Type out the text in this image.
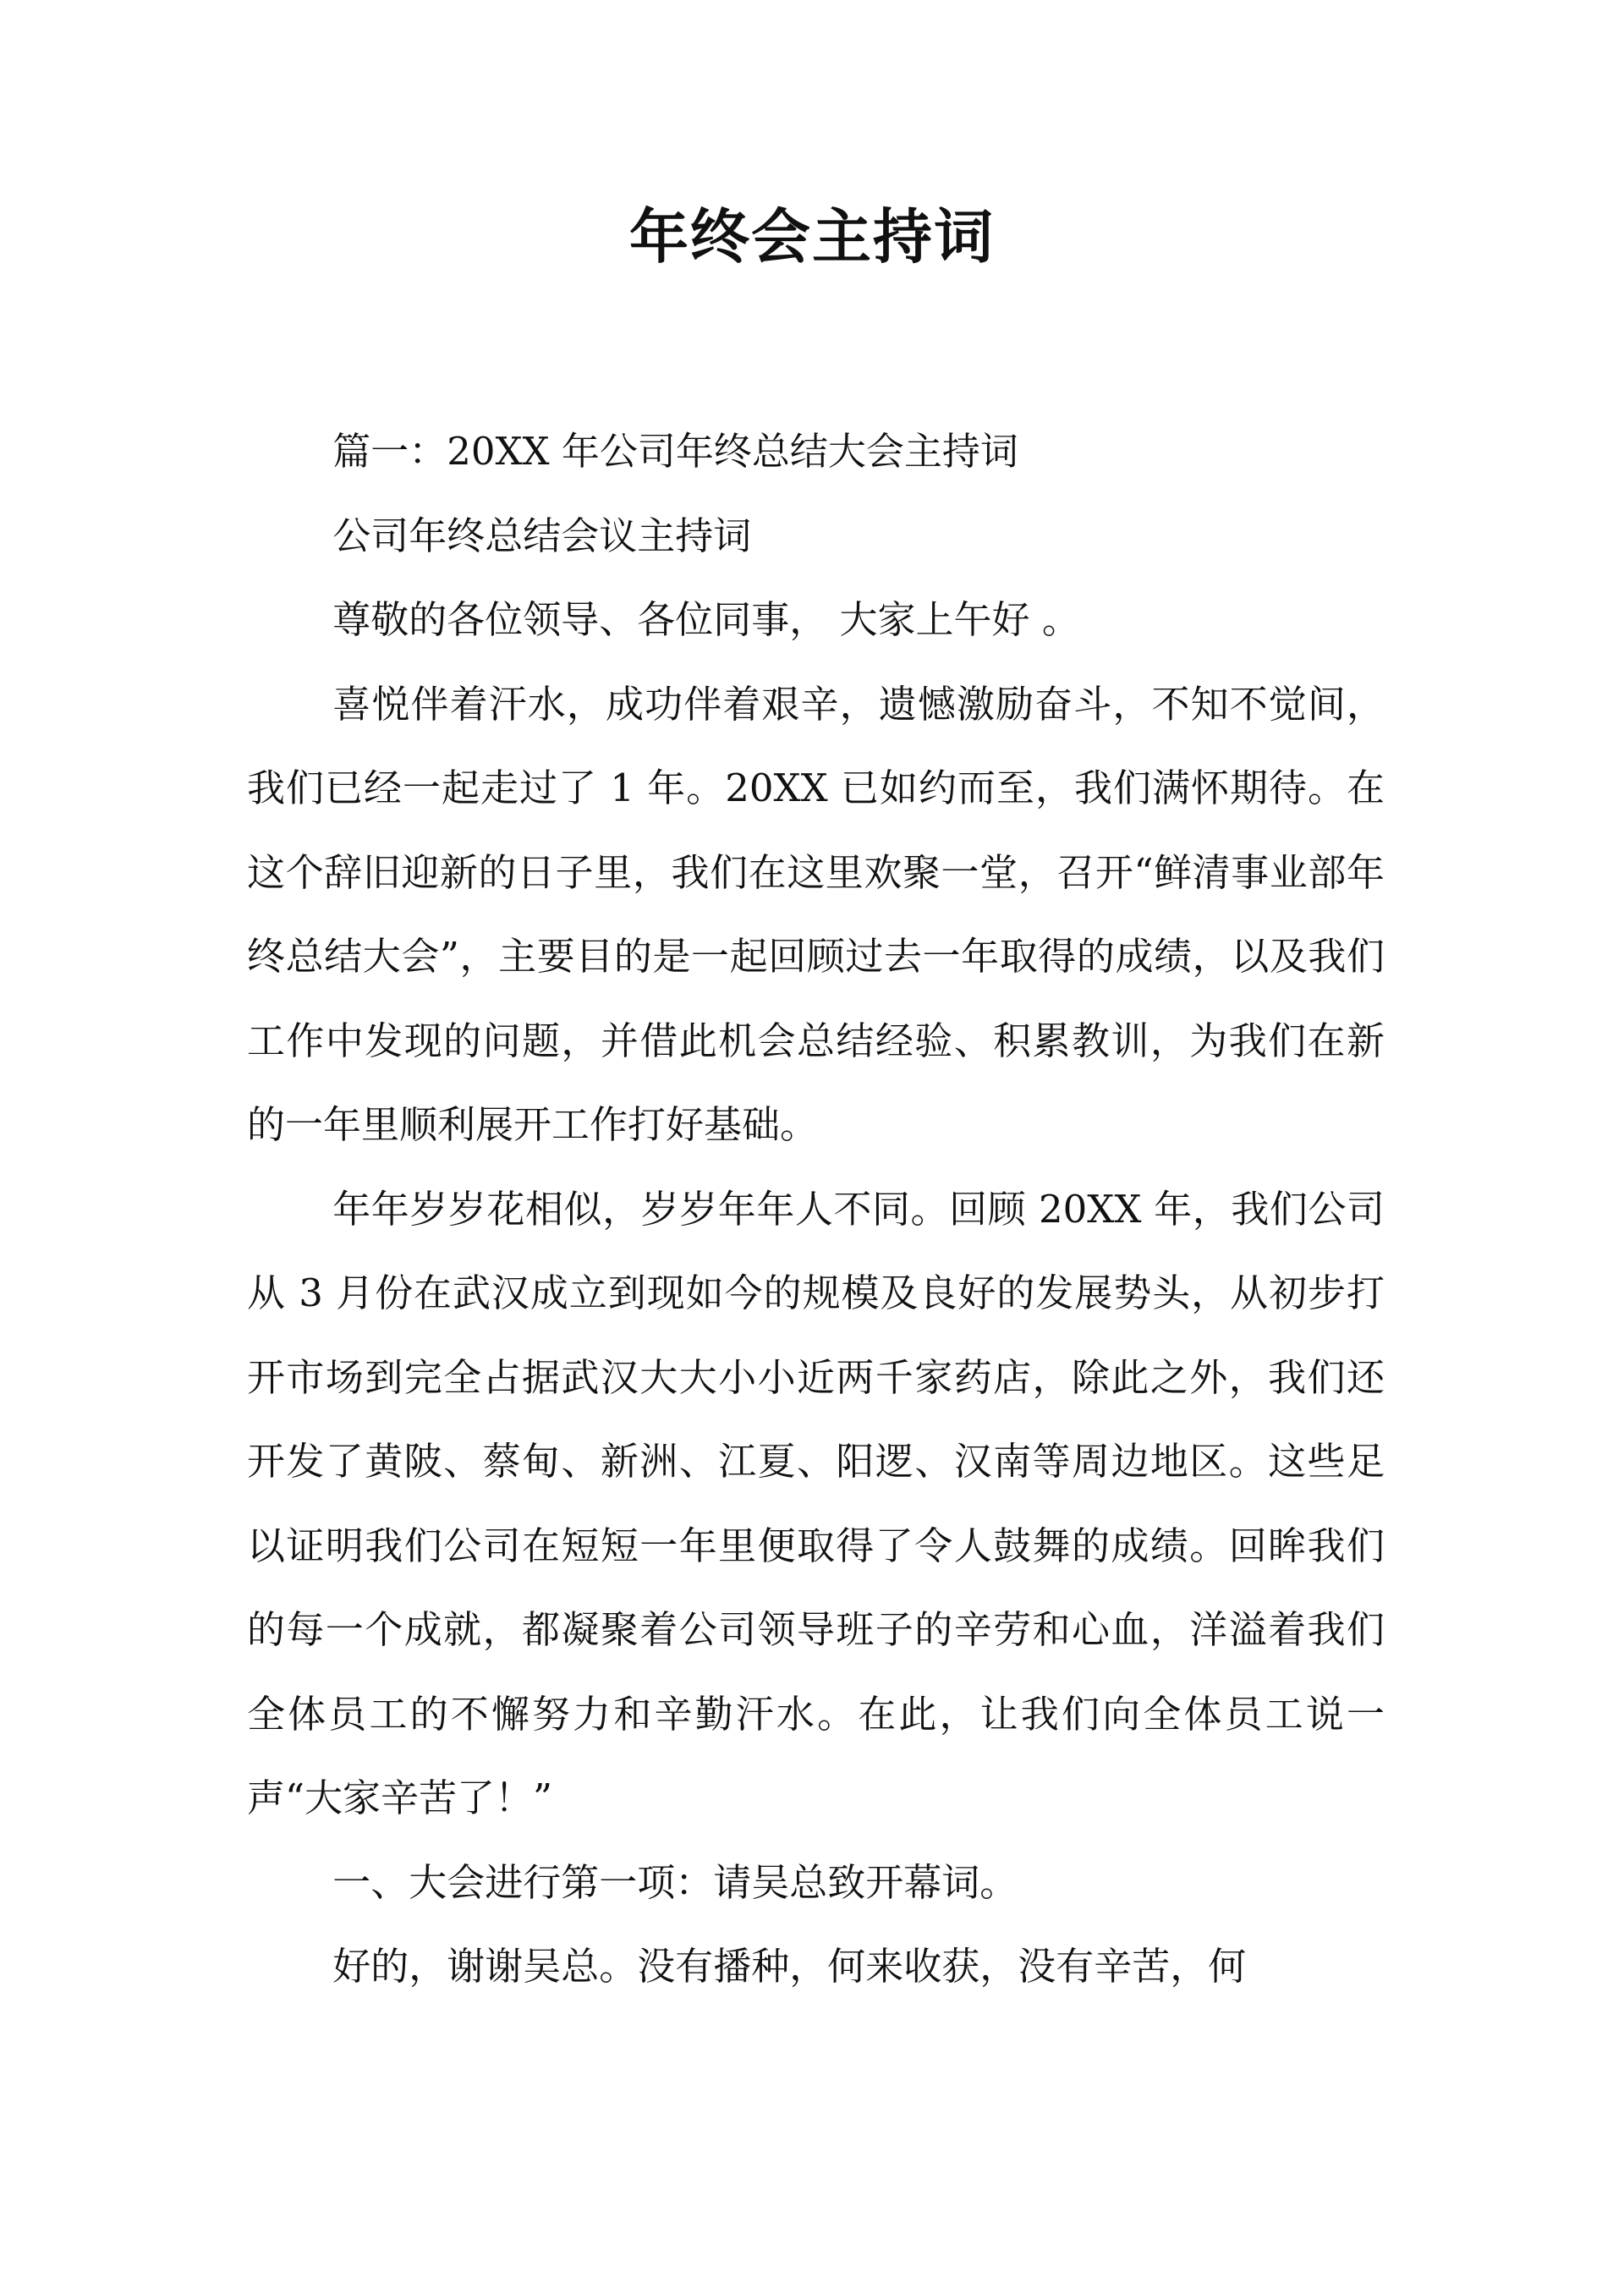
年终会主持词

篇一：20XX 年公司年终总结大会主持词

公司年终总结会议主持词

尊敬的各位领导、各位同事， 大家上午好 。

喜悦伴着汗水，成功伴着艰辛，遗憾激励奋斗，不知不觉间，我们已经一起走过了 1 年。20XX 已如约而至，我们满怀期待。在这个辞旧迎新的日子里，我们在这里欢聚一堂，召开“鲜清事业部年终总结大会”，主要目的是一起回顾过去一年取得的成绩，以及我们工作中发现的问题，并借此机会总结经验、积累教训，为我们在新的一年里顺利展开工作打好基础。

年年岁岁花相似，岁岁年年人不同。回顾 20XX 年，我们公司从 3 月份在武汉成立到现如今的规模及良好的发展势头，从初步打开市场到完全占据武汉大大小小近两千家药店，除此之外，我们还开发了黄陂、蔡甸、新洲、江夏、阳逻、汉南等周边地区。这些足以证明我们公司在短短一年里便取得了令人鼓舞的成绩。回眸我们的每一个成就，都凝聚着公司领导班子的辛劳和心血，洋溢着我们全体员工的不懈努力和辛勤汗水。在此，让我们向全体员工说一声“大家辛苦了！”

一、大会进行第一项：请吴总致开幕词。

好的，谢谢吴总。没有播种，何来收获，没有辛苦，何
